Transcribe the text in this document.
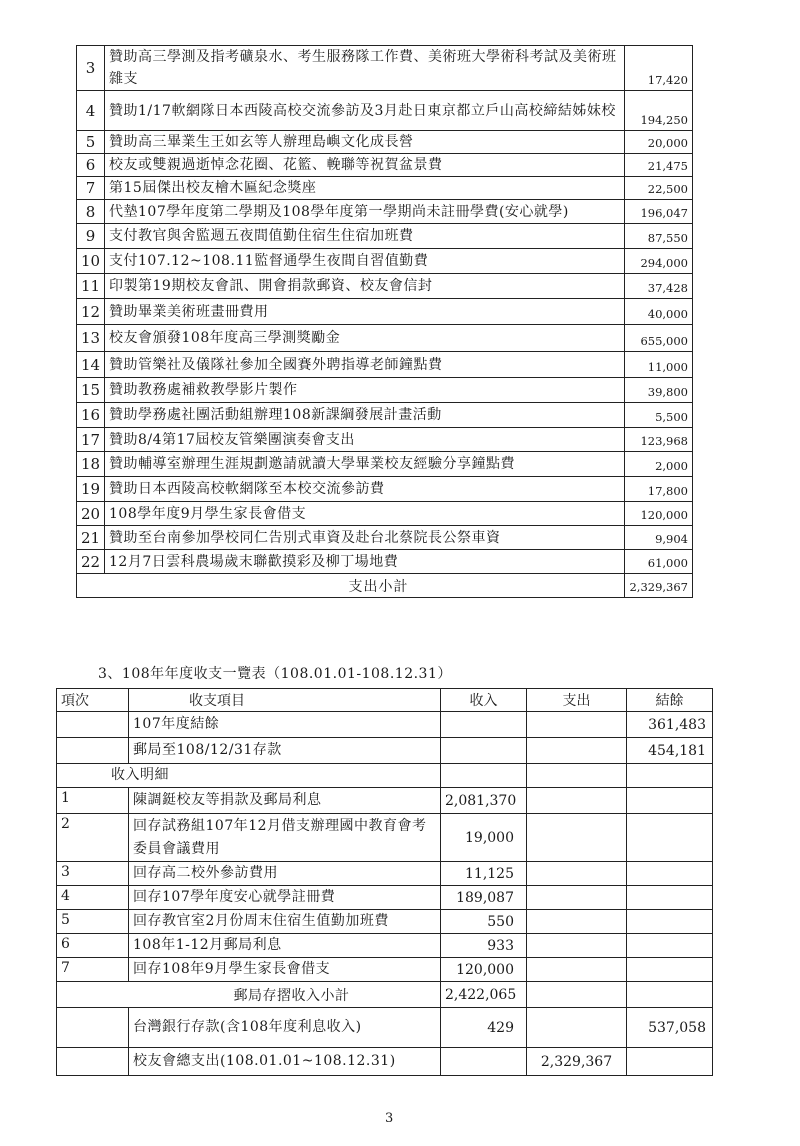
3	贊助高三學測及指考礦泉水、考生服務隊工作費、美術班大學術科考試及美術班雜支	17,420
4	贊助1/17軟網隊日本西陵高校交流參訪及3月赴日東京都立戶山高校締結姊妹校	194,250
5	贊助高三畢業生王如玄等人辦理島嶼文化成長營	20,000
6	校友或雙親過逝悼念花圈、花籃、輓聯等祝賀盆景費	21,475
7	第15屆傑出校友檜木匾紀念獎座	22,500
8	代墊107學年度第二學期及108學年度第一學期尚未註冊學費(安心就學)	196,047
9	支付教官與舍監週五夜間值勤住宿生住宿加班費	87,550
10	支付107.12~108.11監督通學生夜間自習值勤費	294,000
11	印製第19期校友會訊、開會捐款郵資、校友會信封	37,428
12	贊助畢業美術班畫冊費用	40,000
13	校友會頒發108年度高三學測獎勵金	655,000
14	贊助管樂社及儀隊社參加全國賽外聘指導老師鐘點費	11,000
15	贊助教務處補救教學影片製作	39,800
16	贊助學務處社團活動組辦理108新課綱發展計畫活動	5,500
17	贊助8/4第17屆校友管樂團演奏會支出	123,968
18	贊助輔導室辦理生涯規劃邀請就讀大學畢業校友經驗分享鐘點費	2,000
19	贊助日本西陵高校軟網隊至本校交流參訪費	17,800
20	108學年度9月學生家長會借支	120,000
21	贊助至台南參加學校同仁告別式車資及赴台北蔡院長公祭車資	9,904
22	12月7日雲科農場歲末聯歡摸彩及柳丁場地費	61,000
支出小計		2,329,367
3、108年年度收支一覽表（108.01.01-108.12.31）
項次	收支項目	收入	支出	結餘
	107年度結餘			361,483
	郵局至108/12/31存款			454,181
收入明細				
1	陳調鋌校友等捐款及郵局利息	2,081,370		
2	回存試務組107年12月借支辦理國中教育會考委員會議費用	19,000		
3	回存高二校外參訪費用	11,125		
4	回存107學年度安心就學註冊費	189,087		
5	回存教官室2月份周末住宿生值勤加班費	550		
6	108年1-12月郵局利息	933		
7	回存108年9月學生家長會借支	120,000		
郵局存摺收入小計		2,422,065		
	台灣銀行存款(含108年度利息收入)	429		537,058
	校友會總支出(108.01.01~108.12.31)		2,329,367	
3
